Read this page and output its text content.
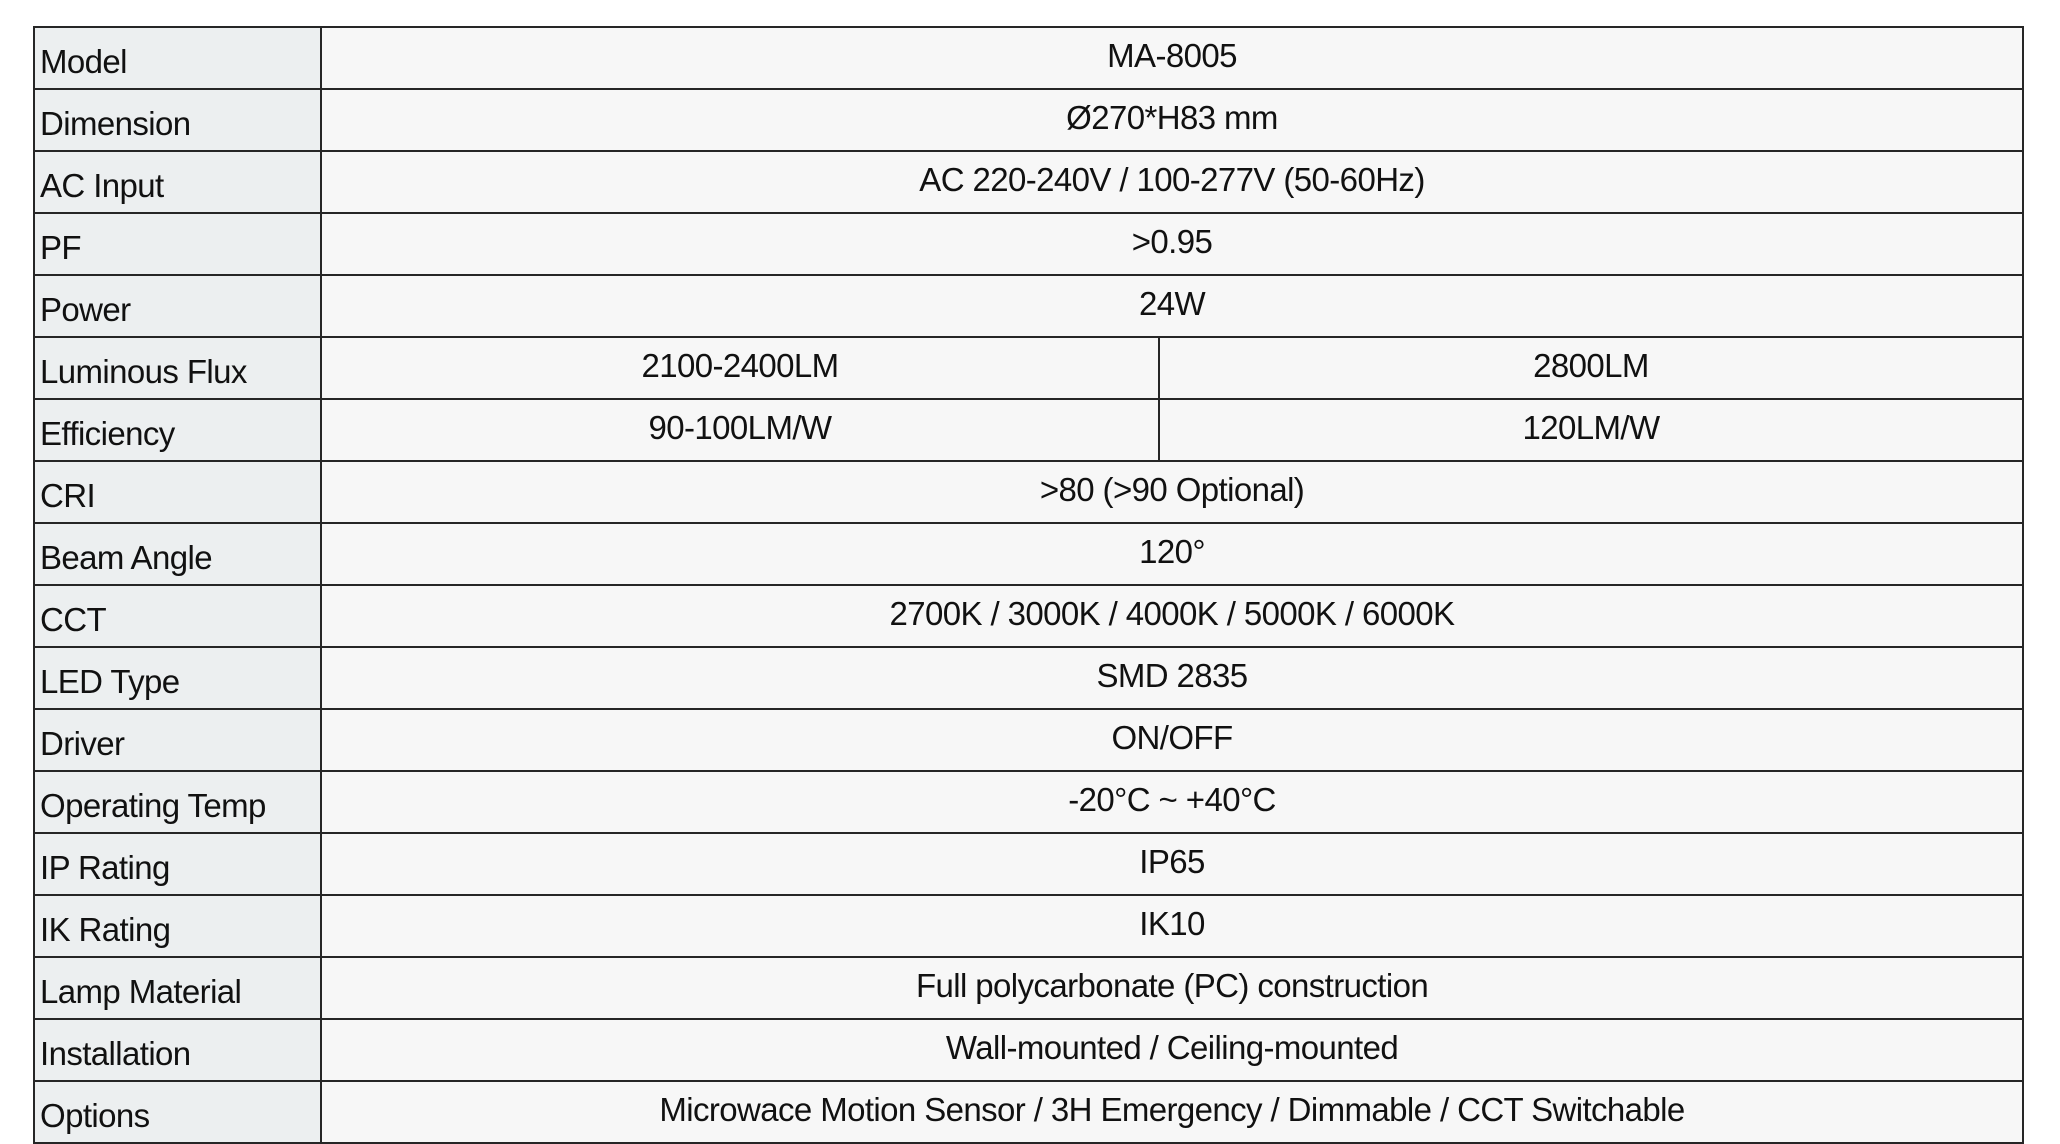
Model	MA-8005	
Dimension	Ø270*H83 mm	
AC Input	AC 220-240V / 100-277V (50-60Hz)	
PF	>0.95	
Power	24W	
Luminous Flux	2100-2400LM	2800LM
Efficiency	90-100LM/W	120LM/W
CRI	>80 (>90 Optional)	
Beam Angle	120°	
CCT	2700K / 3000K / 4000K / 5000K / 6000K	
LED Type	SMD 2835	
Driver	ON/OFF	
Operating Temp	-20°C ~ +40°C	
IP Rating	IP65	
IK Rating	IK10	
Lamp Material	Full polycarbonate (PC) construction	
Installation	Wall-mounted / Ceiling-mounted	
Options	Microwace Motion Sensor / 3H Emergency / Dimmable / CCT Switchable	
